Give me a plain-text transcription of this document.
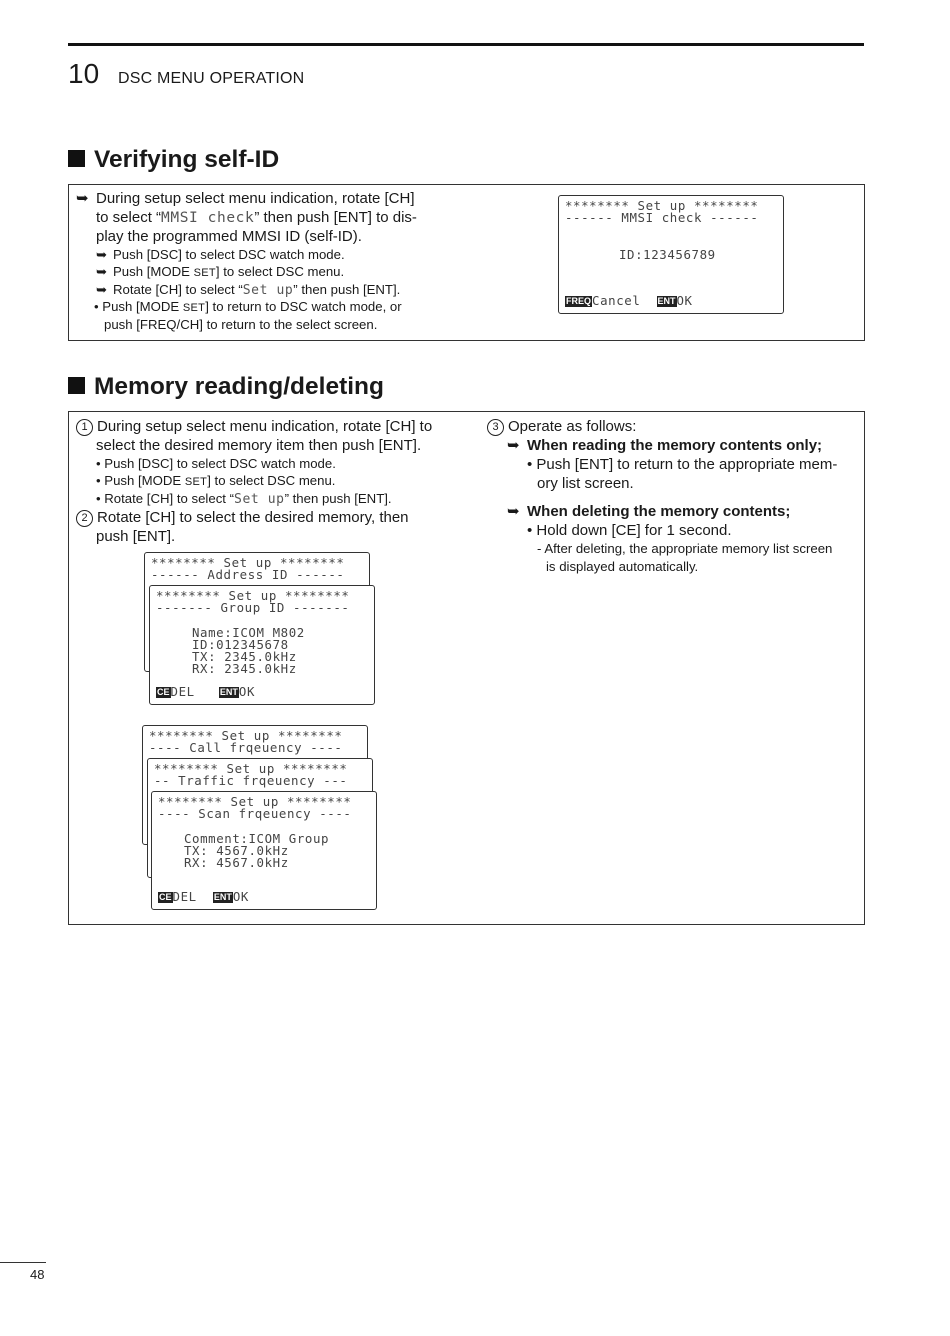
10 DSC MENU OPERATION
Verifying self-ID
➥ During setup select menu indication, rotate [CH]
to select “MMSI check” then push [ENT] to dis-
play the programmed MMSI ID (self-ID).
➥ Push [DSC] to select DSC watch mode.
➥ Push [MODE SET] to select DSC menu.
➥ Rotate [CH] to select “Set up” then push [ENT].
• Push [MODE SET] to return to DSC watch mode, or
push [FREQ/CH] to return to the select screen.
******** Set up ********
------ MMSI check ------
ID:123456789
FREQCancel ENTOK
Memory reading/deleting
1 During setup select menu indication, rotate [CH] to
select the desired memory item then push [ENT].
• Push [DSC] to select DSC watch mode.
• Push [MODE SET] to select DSC menu.
• Rotate [CH] to select “Set up” then push [ENT].
2 Rotate [CH] to select the desired memory, then
push [ENT].
3 Operate as follows:
➥ When reading the memory contents only;
• Push [ENT] to return to the appropriate mem-
ory list screen.
➥ When deleting the memory contents;
• Hold down [CE] for 1 second.
- After deleting, the appropriate memory list screen
is displayed automatically.
******** Set up ********
------ Address ID ------
******** Set up ********
------- Group ID -------
Name:ICOM M802
ID:012345678
TX: 2345.0kHz
RX: 2345.0kHz
CEDEL	ENTOK
******** Set up ********
---- Call frqeuency ----
******** Set up ********
-- Traffic frqeuency ---
******** Set up ********
---- Scan frqeuency ----
Comment:ICOM Group
TX: 4567.0kHz
RX: 4567.0kHz
CEDEL ENTOK
48
